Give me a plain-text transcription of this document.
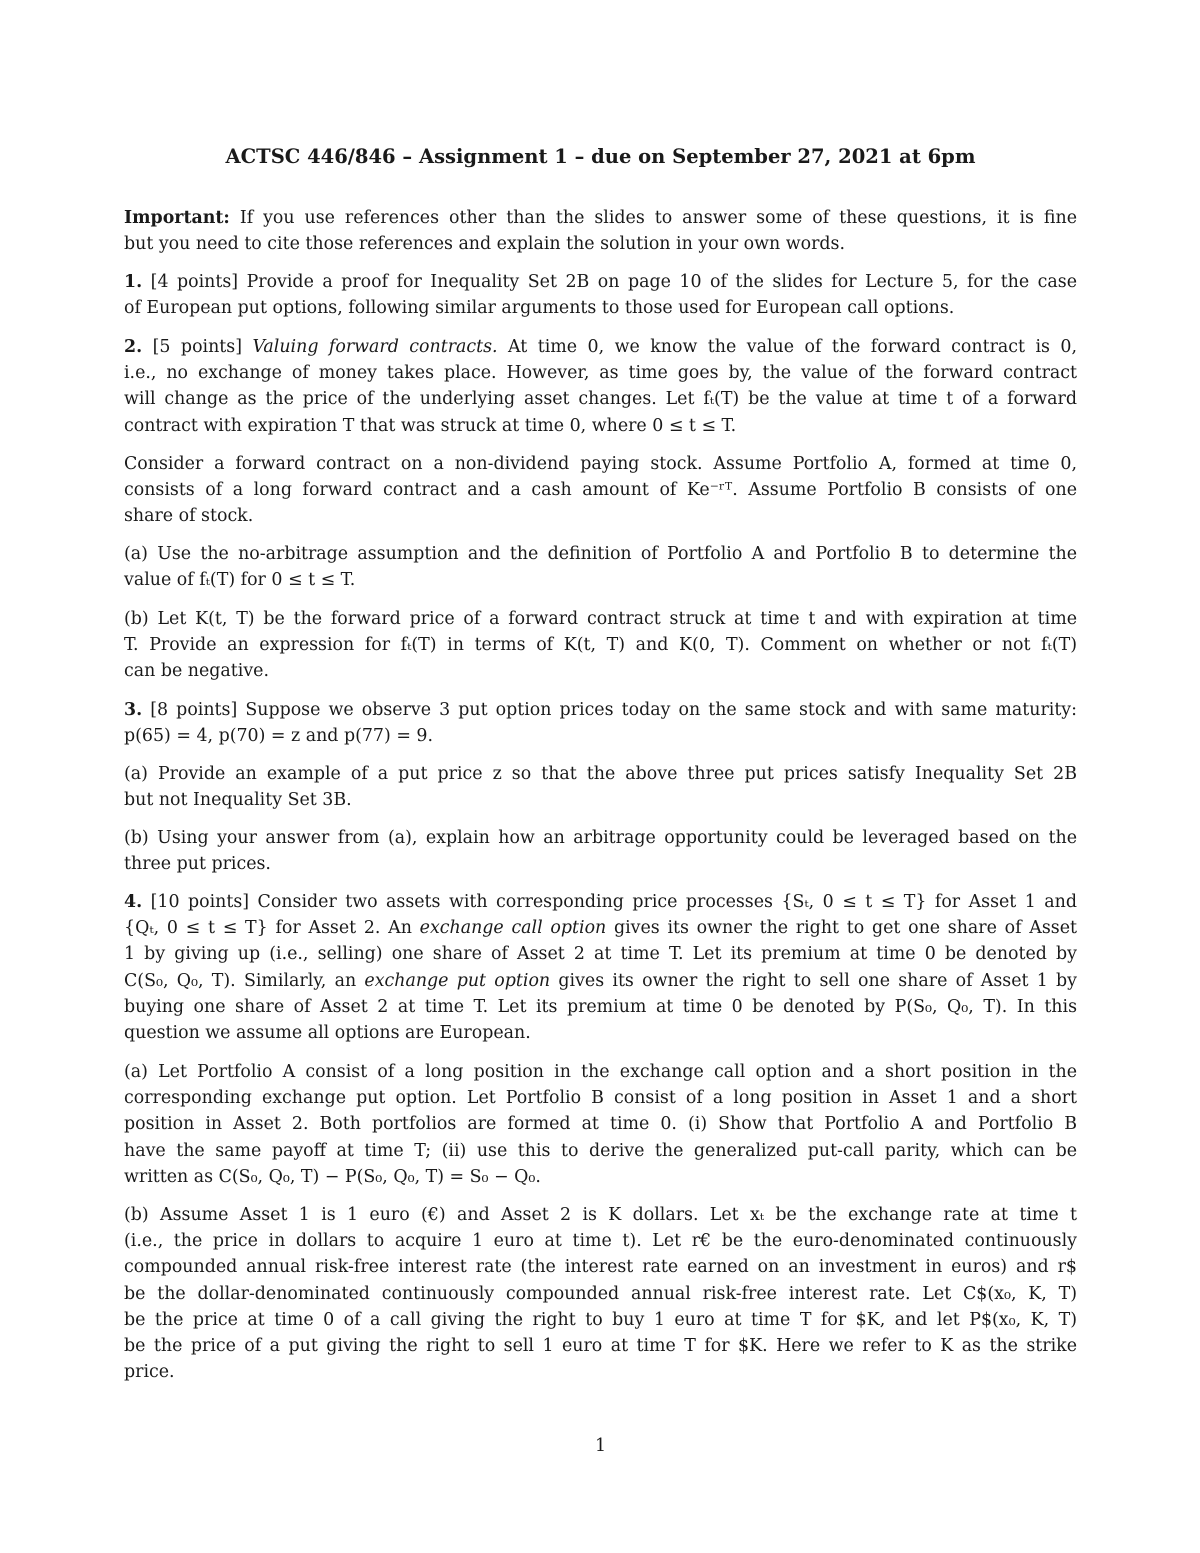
ACTSC 446/846 – Assignment 1 – due on September 27, 2021 at 6pm

Important: If you use references other than the slides to answer some of these questions, it is fine
but you need to cite those references and explain the solution in your own words.

1. [4 points] Provide a proof for Inequality Set 2B on page 10 of the slides for Lecture 5, for the case
of European put options, following similar arguments to those used for European call options.

2. [5 points] Valuing forward contracts. At time 0, we know the value of the forward contract is 0,
i.e., no exchange of money takes place. However, as time goes by, the value of the forward contract
will change as the price of the underlying asset changes. Let fₜ(T) be the value at time t of a forward
contract with expiration T that was struck at time 0, where 0 ≤ t ≤ T.

Consider a forward contract on a non-dividend paying stock. Assume Portfolio A, formed at time 0,
consists of a long forward contract and a cash amount of Ke⁻ʳᵀ. Assume Portfolio B consists of one
share of stock.

(a) Use the no-arbitrage assumption and the definition of Portfolio A and Portfolio B to determine the
value of fₜ(T) for 0 ≤ t ≤ T.

(b) Let K(t, T) be the forward price of a forward contract struck at time t and with expiration at time
T. Provide an expression for fₜ(T) in terms of K(t, T) and K(0, T). Comment on whether or not fₜ(T)
can be negative.

3. [8 points] Suppose we observe 3 put option prices today on the same stock and with same maturity:
p(65) = 4, p(70) = z and p(77) = 9.

(a) Provide an example of a put price z so that the above three put prices satisfy Inequality Set 2B
but not Inequality Set 3B.

(b) Using your answer from (a), explain how an arbitrage opportunity could be leveraged based on the
three put prices.

4. [10 points] Consider two assets with corresponding price processes {Sₜ, 0 ≤ t ≤ T} for Asset 1 and
{Qₜ, 0 ≤ t ≤ T} for Asset 2. An exchange call option gives its owner the right to get one share of Asset
1 by giving up (i.e., selling) one share of Asset 2 at time T. Let its premium at time 0 be denoted by
C(S₀, Q₀, T). Similarly, an exchange put option gives its owner the right to sell one share of Asset 1 by
buying one share of Asset 2 at time T. Let its premium at time 0 be denoted by P(S₀, Q₀, T). In this
question we assume all options are European.

(a) Let Portfolio A consist of a long position in the exchange call option and a short position in the
corresponding exchange put option. Let Portfolio B consist of a long position in Asset 1 and a short
position in Asset 2. Both portfolios are formed at time 0. (i) Show that Portfolio A and Portfolio B
have the same payoff at time T; (ii) use this to derive the generalized put-call parity, which can be
written as C(S₀, Q₀, T) − P(S₀, Q₀, T) = S₀ − Q₀.

(b) Assume Asset 1 is 1 euro (€) and Asset 2 is K dollars. Let xₜ be the exchange rate at time t
(i.e., the price in dollars to acquire 1 euro at time t). Let r€ be the euro-denominated continuously
compounded annual risk-free interest rate (the interest rate earned on an investment in euros) and r$
be the dollar-denominated continuously compounded annual risk-free interest rate. Let C$(x₀, K, T)
be the price at time 0 of a call giving the right to buy 1 euro at time T for $K, and let P$(x₀, K, T)
be the price of a put giving the right to sell 1 euro at time T for $K. Here we refer to K as the strike
price.

1
